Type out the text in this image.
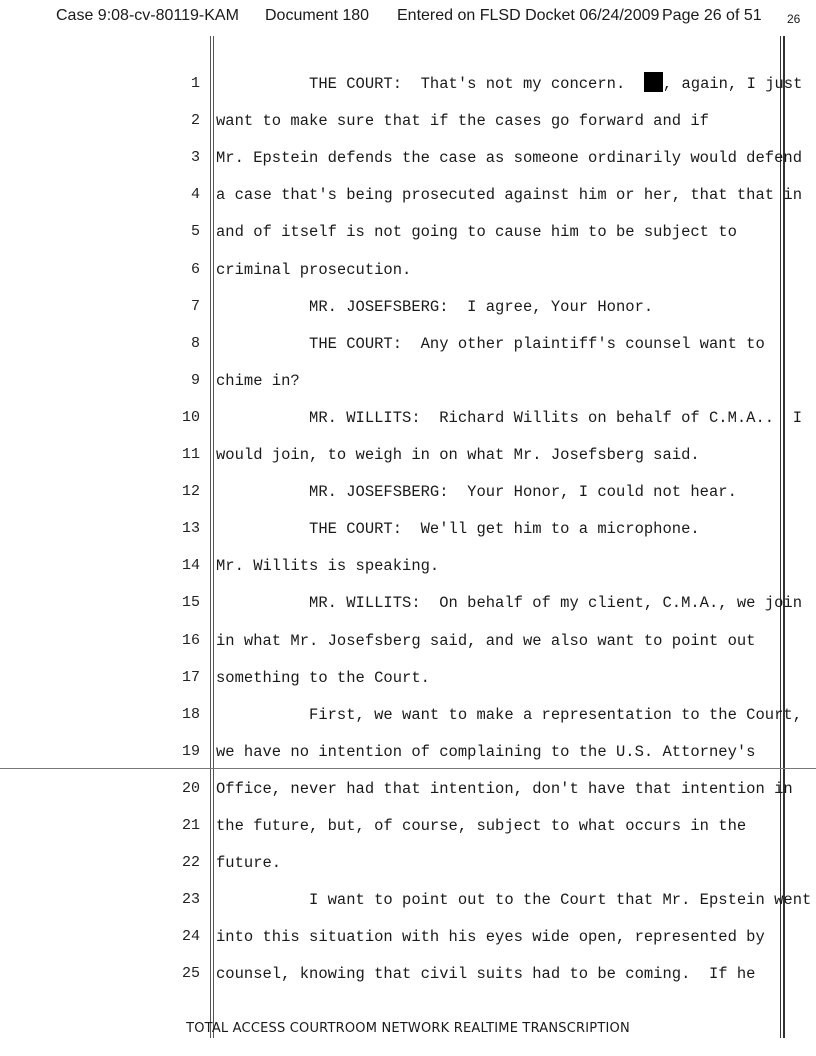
Case 9:08-cv-80119-KAM Document 180 Entered on FLSD Docket 06/24/2009 Page 26 of 51 26
1 THE COURT:  That's not my concern.  , again, I just
2 want to make sure that if the cases go forward and if
3 Mr. Epstein defends the case as someone ordinarily would defend
4 a case that's being prosecuted against him or her, that that in
5 and of itself is not going to cause him to be subject to
6 criminal prosecution.
7 MR. JOSEFSBERG:  I agree, Your Honor.
8 THE COURT:  Any other plaintiff's counsel want to
9 chime in?
10 MR. WILLITS:  Richard Willits on behalf of C.M.A..  I
11 would join, to weigh in on what Mr. Josefsberg said.
12 MR. JOSEFSBERG:  Your Honor, I could not hear.
13 THE COURT:  We'll get him to a microphone.
14 Mr. Willits is speaking.
15 MR. WILLITS:  On behalf of my client, C.M.A., we join
16 in what Mr. Josefsberg said, and we also want to point out
17 something to the Court.
18 First, we want to make a representation to the Court,
19 we have no intention of complaining to the U.S. Attorney's
20 Office, never had that intention, don't have that intention in
21 the future, but, of course, subject to what occurs in the
22 future.
23 I want to point out to the Court that Mr. Epstein went
24 into this situation with his eyes wide open, represented by
25 counsel, knowing that civil suits had to be coming.  If he
TOTAL ACCESS COURTROOM NETWORK REALTIME TRANSCRIPTION
